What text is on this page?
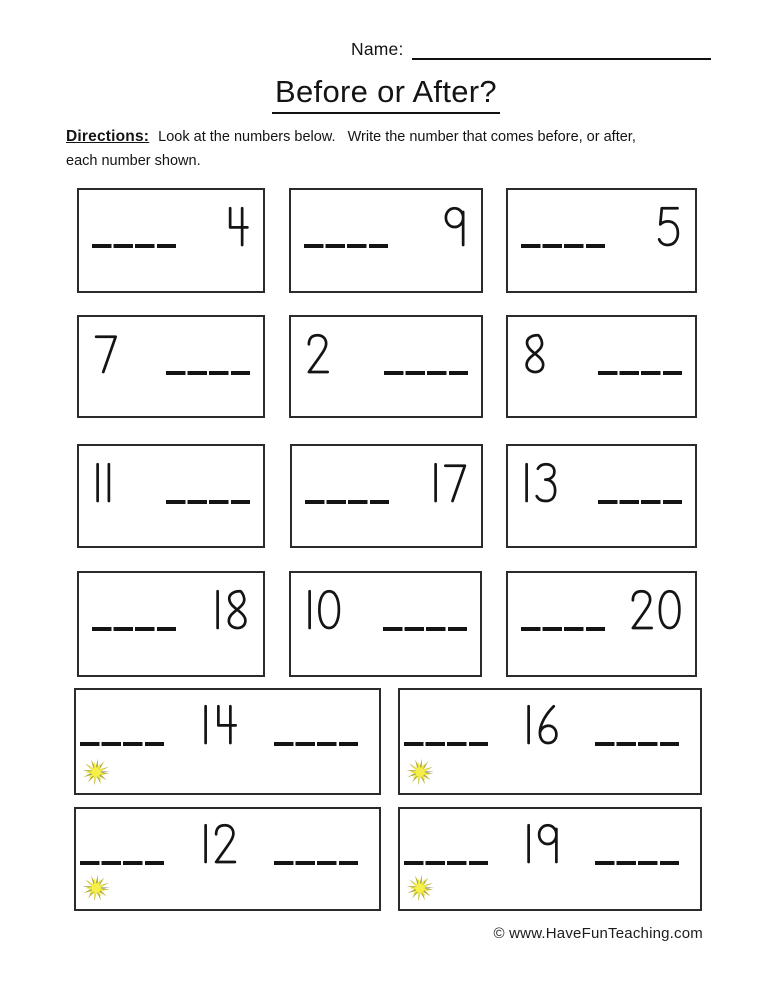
Name:
Before or After?
Directions: Look at the numbers below.   Write the number that comes before, or after,
each number shown.
© www.HaveFunTeaching.com
